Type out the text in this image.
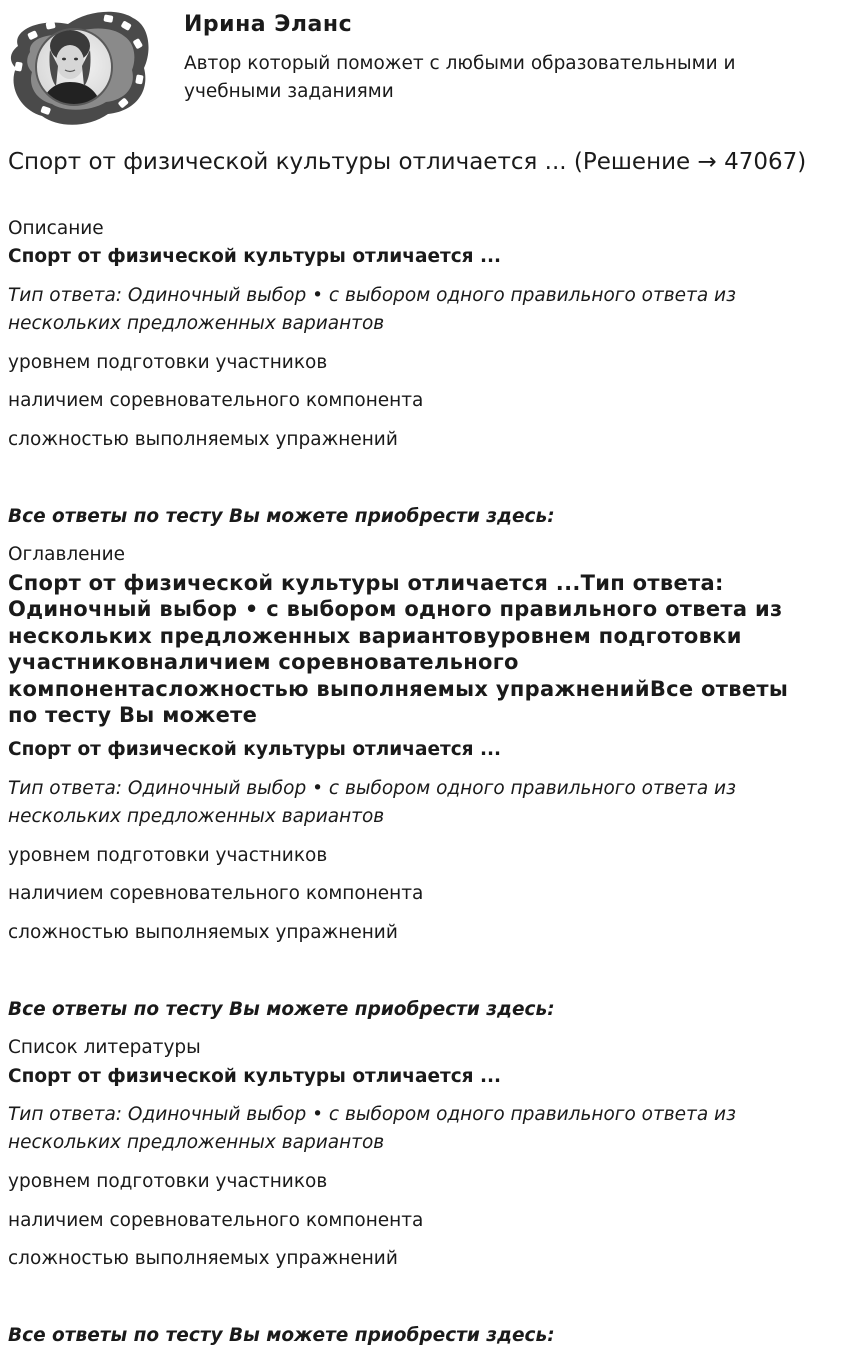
Ирина Эланс

Автор который поможет с любыми образовательными и учебными заданиями

Спорт от физической культуры отличается ... (Решение → 47067)
Описание
Спорт от физической культуры отличается ...
Тип ответа: Одиночный выбор • с выбором одного правильного ответа из нескольких предложенных вариантов
уровнем подготовки участников
наличием соревновательного компонента
сложностью выполняемых упражнений
Все ответы по тесту Вы можете приобрести здесь:
Оглавление
Спорт от физической культуры отличается ...Тип ответа: Одиночный выбор • с выбором одного правильного ответа из нескольких предложенных вариантовуровнем подготовки участниковналичием соревновательного компонентасложностью выполняемых упражненийВсе ответы по тесту Вы можете
Спорт от физической культуры отличается ...
Тип ответа: Одиночный выбор • с выбором одного правильного ответа из нескольких предложенных вариантов
уровнем подготовки участников
наличием соревновательного компонента
сложностью выполняемых упражнений
Все ответы по тесту Вы можете приобрести здесь:
Список литературы
Спорт от физической культуры отличается ...
Тип ответа: Одиночный выбор • с выбором одного правильного ответа из нескольких предложенных вариантов
уровнем подготовки участников
наличием соревновательного компонента
сложностью выполняемых упражнений
Все ответы по тесту Вы можете приобрести здесь:
